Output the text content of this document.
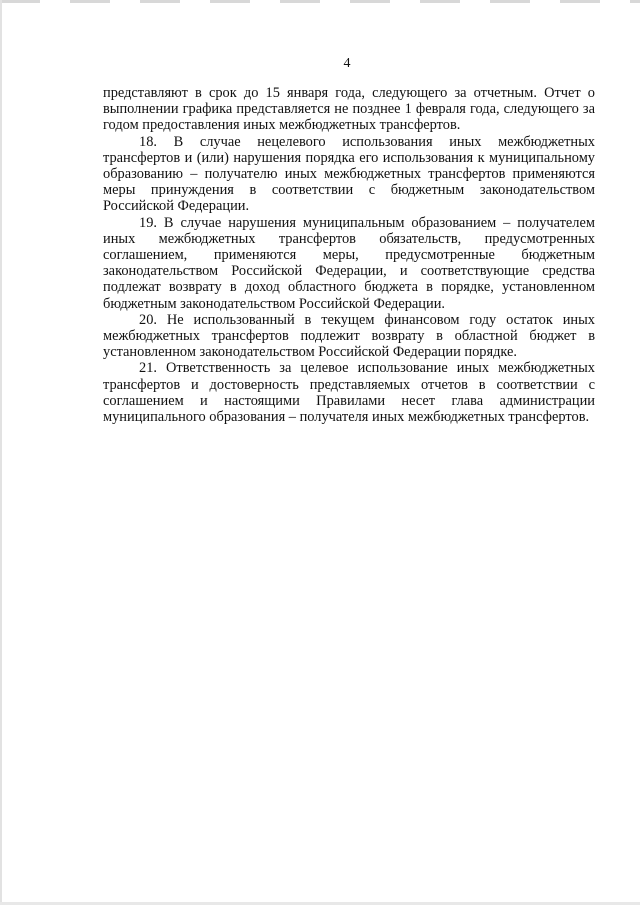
4

представляют в срок до 15 января года, следующего за отчетным. Отчет о выполнении графика представляется не позднее 1 февраля года, следующего за годом предоставления иных межбюджетных трансфертов.

18. В случае нецелевого использования иных межбюджетных трансфертов и (или) нарушения порядка его использования к муниципальному образованию – получателю иных межбюджетных трансфертов применяются меры принуждения в соответствии с бюджетным законодательством Российской Федерации.

19. В случае нарушения муниципальным образованием – получателем иных межбюджетных трансфертов обязательств, предусмотренных соглашением, применяются меры, предусмотренные бюджетным законодательством Российской Федерации, и соответствующие средства подлежат возврату в доход областного бюджета в порядке, установленном бюджетным законодательством Российской Федерации.

20. Не использованный в текущем финансовом году остаток иных межбюджетных трансфертов подлежит возврату в областной бюджет в установленном законодательством Российской Федерации порядке.

21. Ответственность за целевое использование иных межбюджетных трансфертов и достоверность представляемых отчетов в соответствии с соглашением и настоящими Правилами несет глава администрации муниципального образования – получателя иных межбюджетных трансфертов.
